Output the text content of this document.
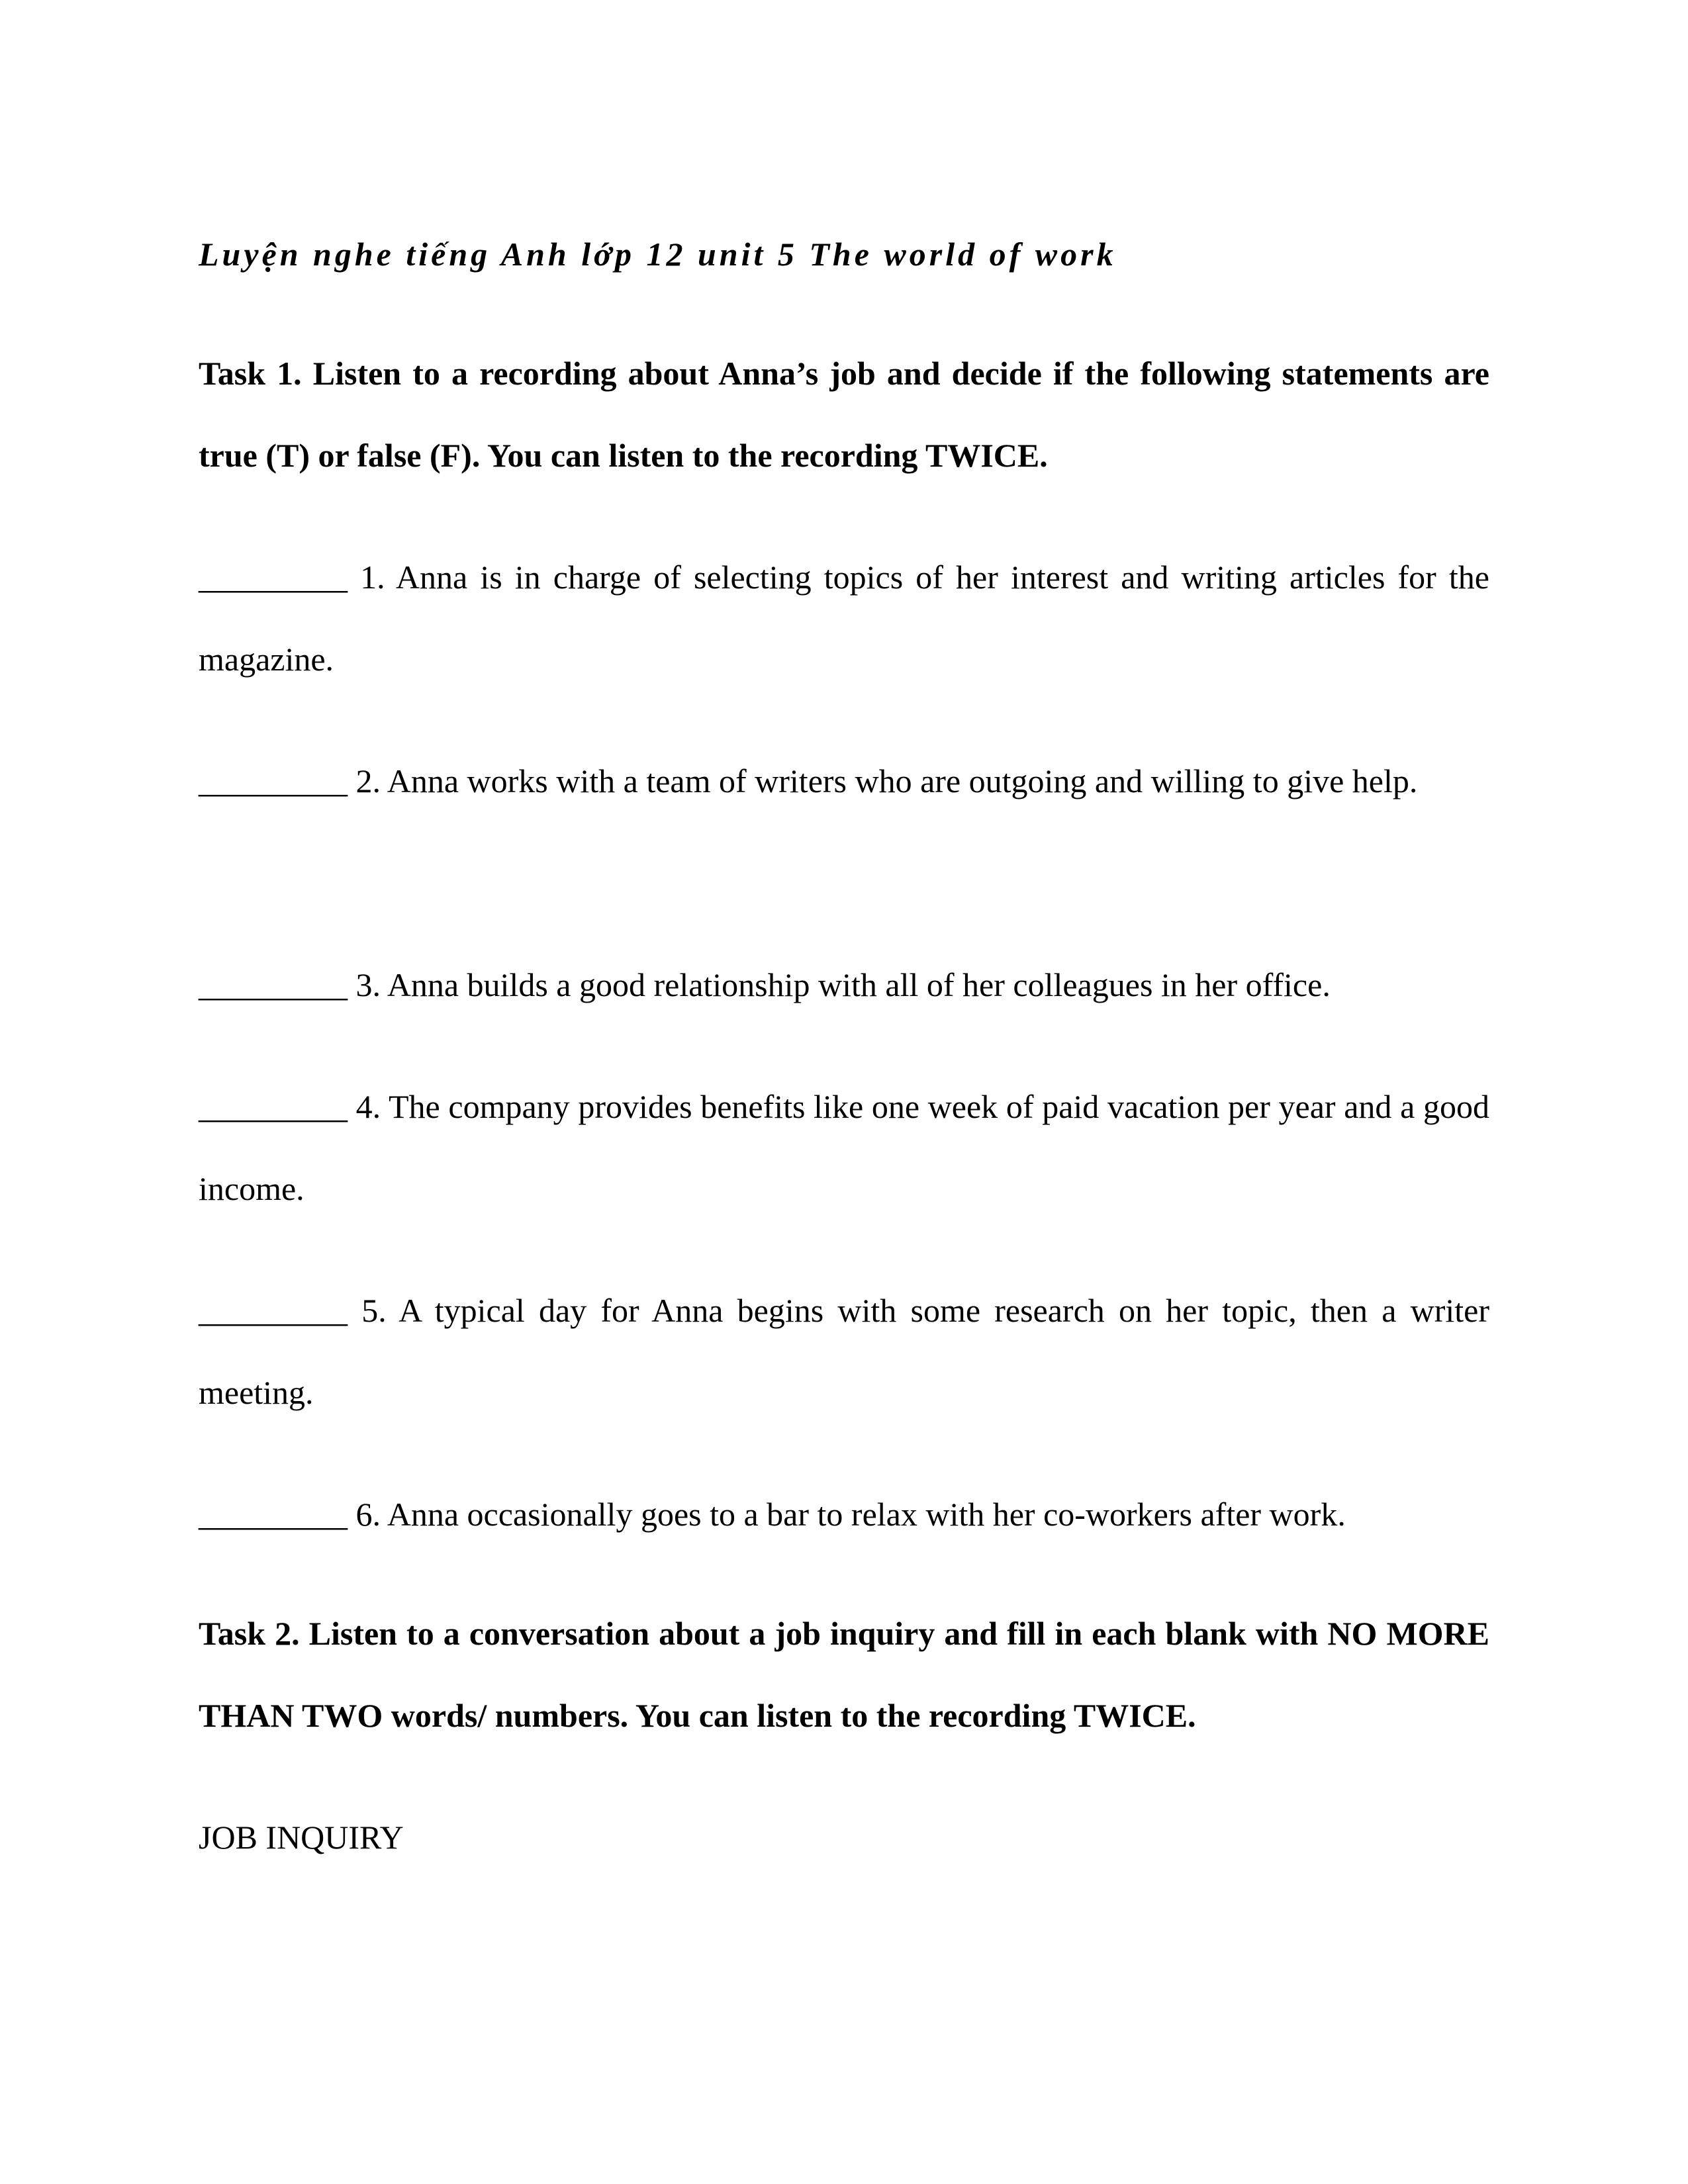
Luyện nghe tiếng Anh lớp 12 unit 5 The world of work

Task 1. Listen to a recording about Anna’s job and decide if the following statements are true (T) or false (F). You can listen to the recording TWICE.

_________ 1. Anna is in charge of selecting topics of her interest and writing articles for the magazine.

_________ 2. Anna works with a team of writers who are outgoing and willing to give help.

_________ 3. Anna builds a good relationship with all of her colleagues in her office.

_________ 4. The company provides benefits like one week of paid vacation per year and a good income.

_________ 5. A typical day for Anna begins with some research on her topic, then a writer meeting.

_________ 6. Anna occasionally goes to a bar to relax with her co-workers after work.

Task 2. Listen to a conversation about a job inquiry and fill in each blank with NO MORE THAN TWO words/ numbers. You can listen to the recording TWICE.

JOB INQUIRY
